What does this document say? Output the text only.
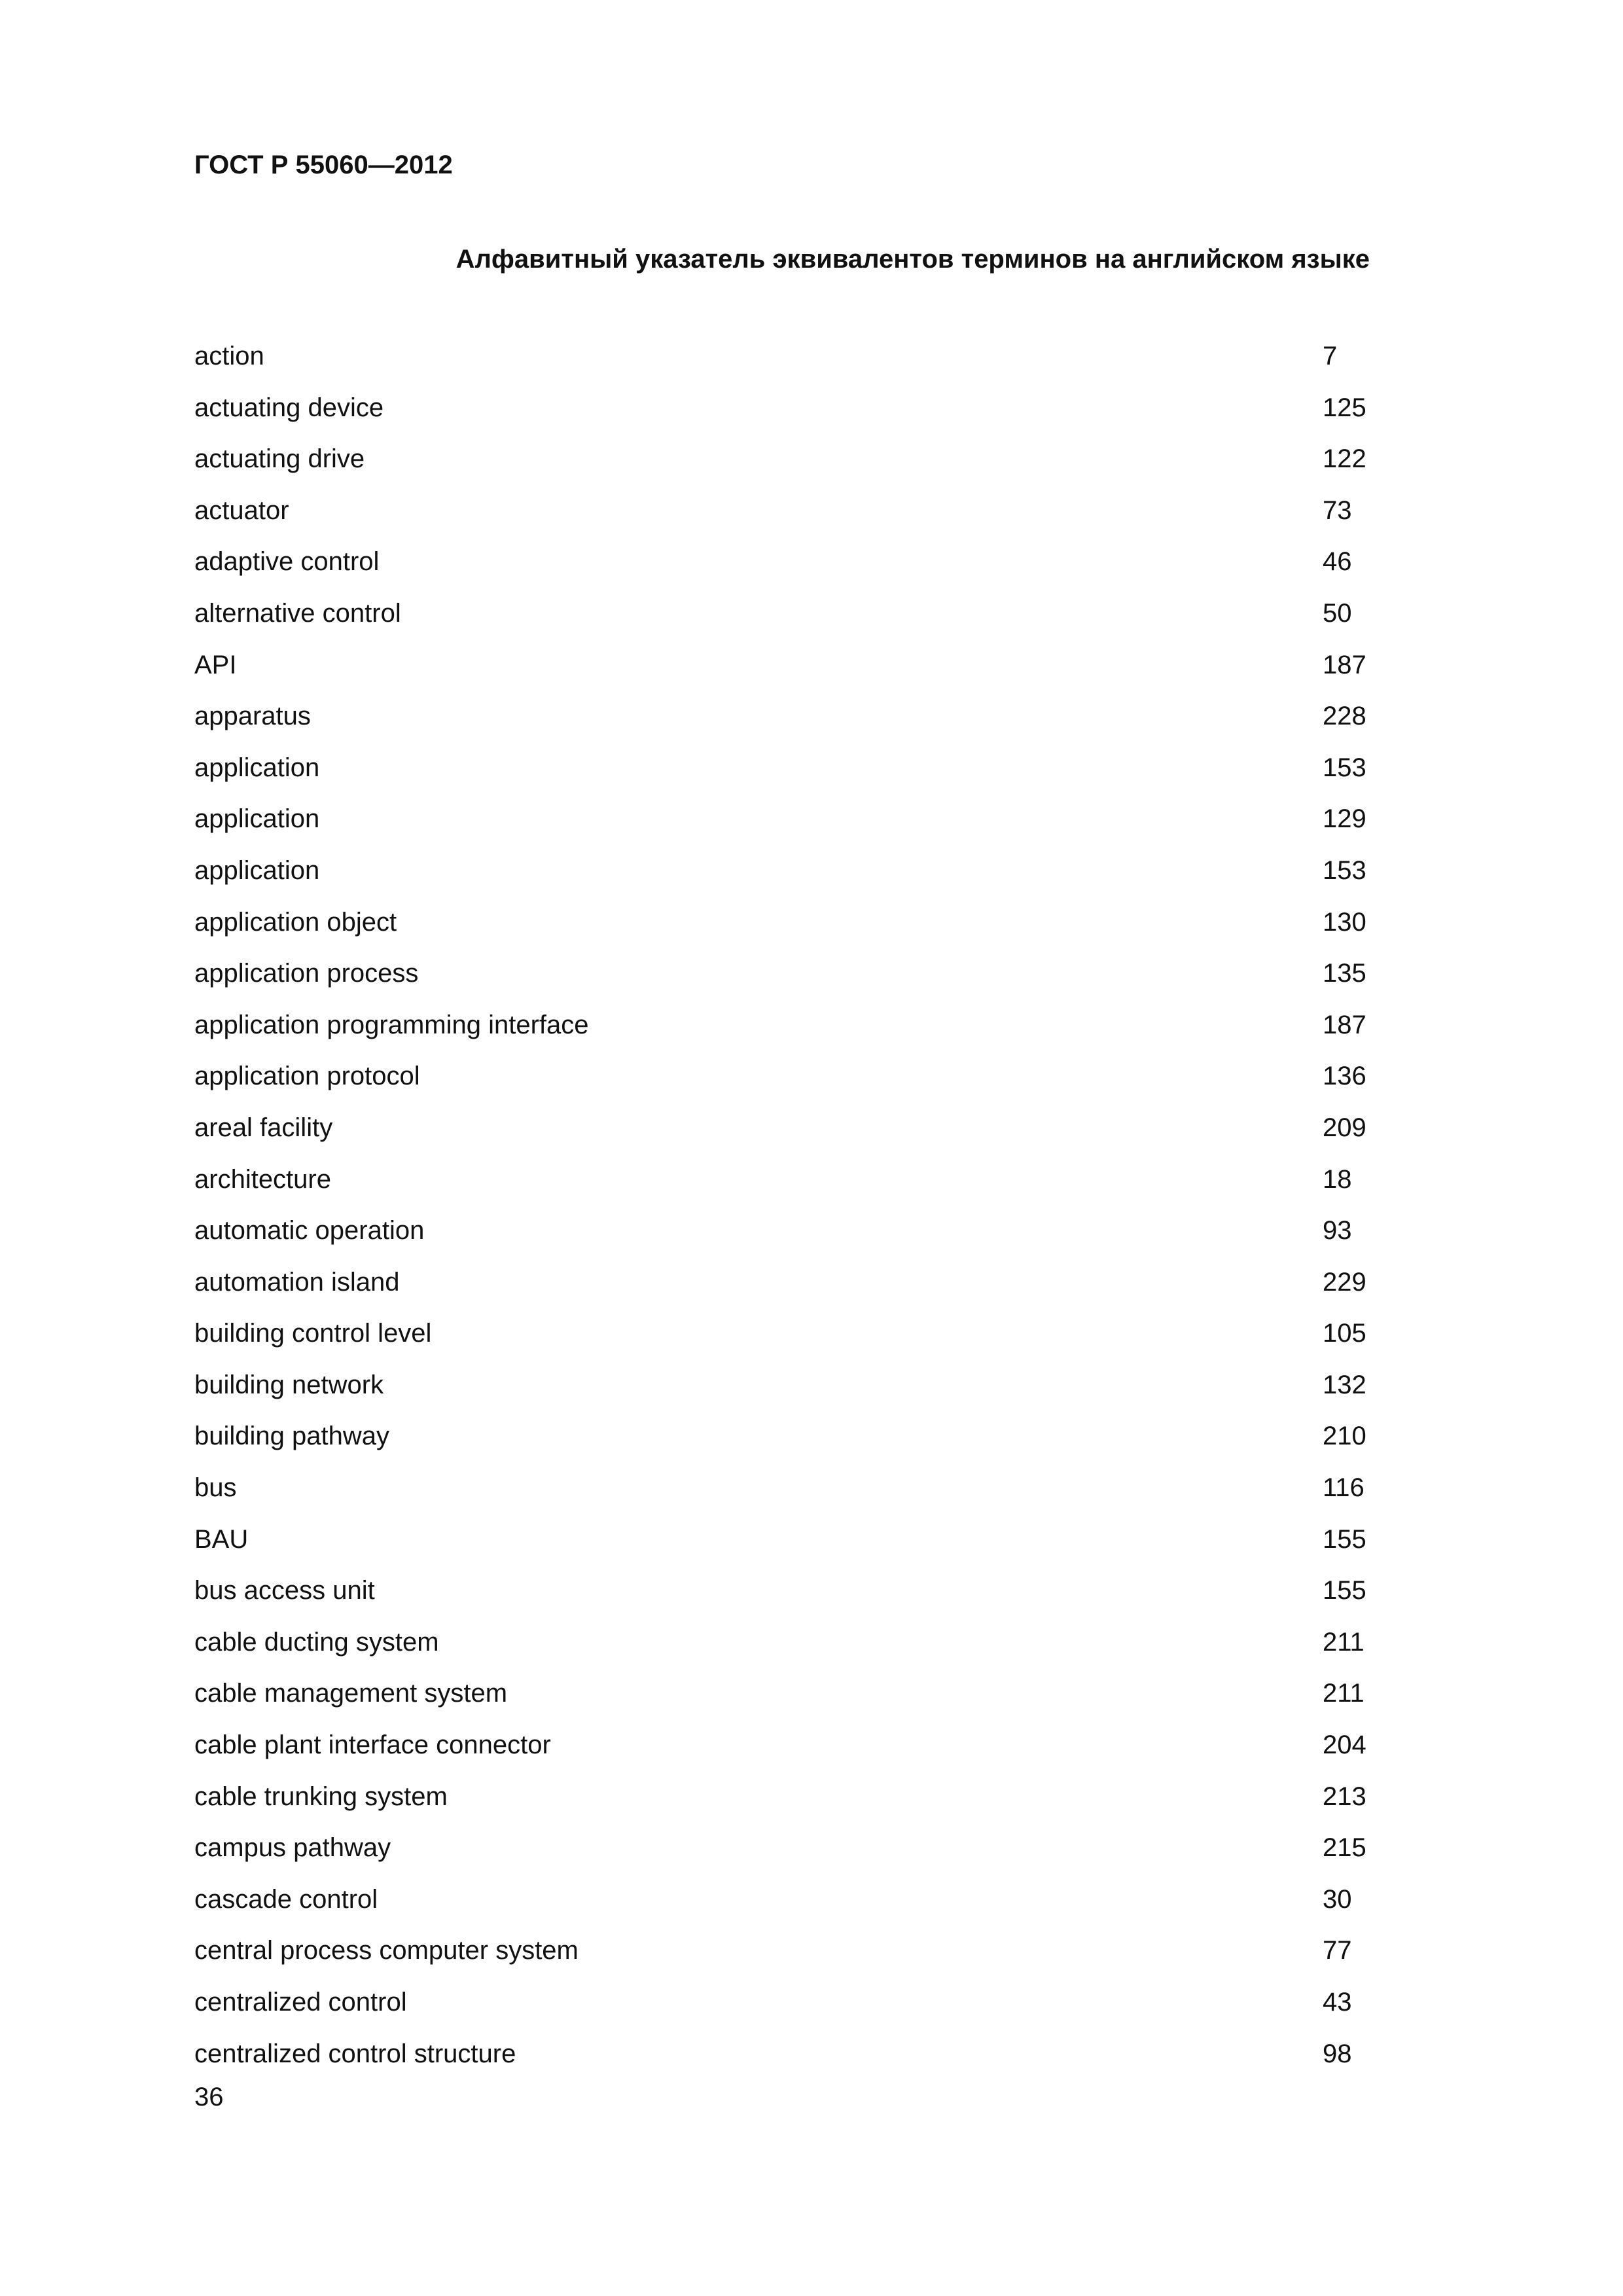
ГОСТ Р 55060—2012
Алфавитный указатель эквивалентов терминов на английском языке
action	7
actuating device	125
actuating drive	122
actuator	73
adaptive control	46
alternative control	50
API	187
apparatus	228
application	153
application	129
application	153
application object	130
application process	135
application programming interface	187
application protocol	136
areal facility	209
architecture	18
automatic operation	93
automation island	229
building control level	105
building network	132
building pathway	210
bus	116
BAU	155
bus access unit	155
cable ducting system	211
cable management system	211
cable plant interface connector	204
cable trunking system	213
campus pathway	215
cascade control	30
central process computer system	77
centralized control	43
centralized control structure	98
36
